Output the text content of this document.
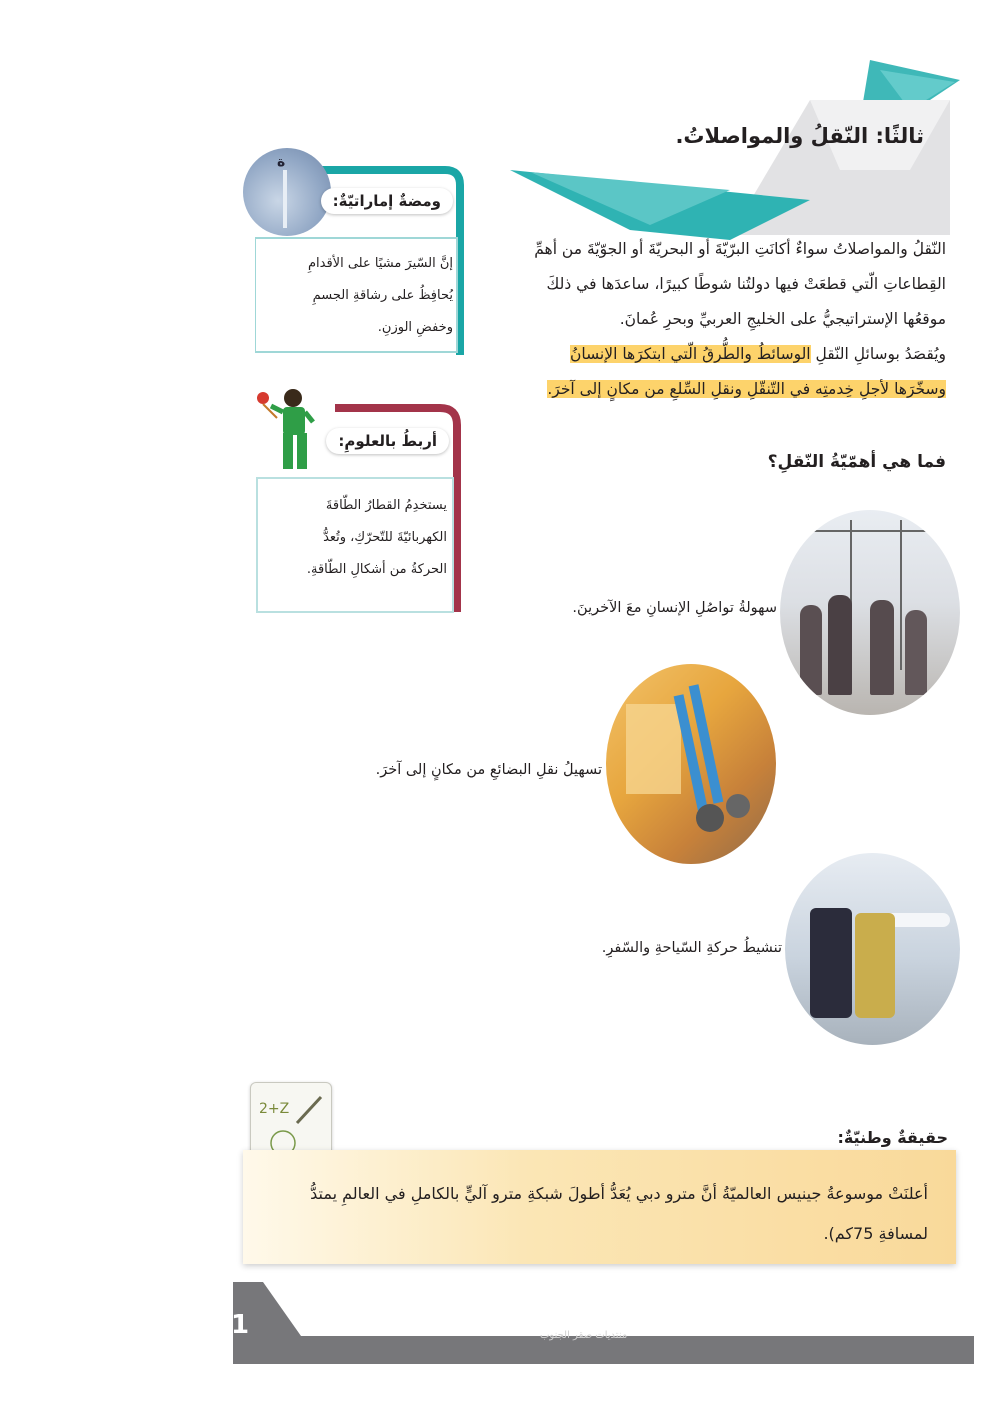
ثالثًا: النّقلُ والمواصلاتُ.
النّقلُ والمواصلاتُ سواءٌ أكانَتِ البرّيّةَ أو البحريّةَ أو الجوّيّةَ من أهمِّ
القِطاعاتِ الّتي قطعَتْ فيها دولتُنا شوطًا كبيرًا، ساعدَها في ذلكَ
موقعُها الإستراتيجيُّ على الخليجِ العربيِّ وبحرِ عُمانَ.
ويُقصَدُ بوسائلِ النّقلِ الوسائطُ والطُّرقُ الّتي ابتكرَها الإنسانُ
وسخّرَها لأجلِ خِدمتِه في التّنقّلِ ونقلِ السِّلعِ من مكانٍ إلى آخرَ.
فما هي أهمّيّةُ النّقلِ؟
ة
ومضةٌ إماراتيّةٌ:
إنَّ السّيرَ مشيًا على الأقدامِ
يُحافِظُ على رشاقةِ الجسمِ
وخفضِ الوزنِ.
أربطُ بالعلومِ:
يستخدِمُ القطارُ الطّاقةَ
الكهربائيّةَ للتّحرّكِ، وتُعدُّ
الحركةُ من أشكالِ الطّاقةِ.
سهولةُ تواصُلِ الإنسانِ معَ الآخرينَ.
تسهيلُ نقلِ البضائعِ من مكانٍ إلى آخرَ.
تنشيطُ حركةِ السّياحةِ والسّفرِ.
2+Z
حقيقةٌ وطنيّةٌ:
أعلنَتْ موسوعةُ جينيس العالميّةُ أنَّ مترو دبي يُعَدُّ أطولَ شبكةِ مترو آليٍّ بالكاملِ في العالمِ يمتدُّ
لمسافةِ 75كم).
1	منتديات صقر الجنوب
